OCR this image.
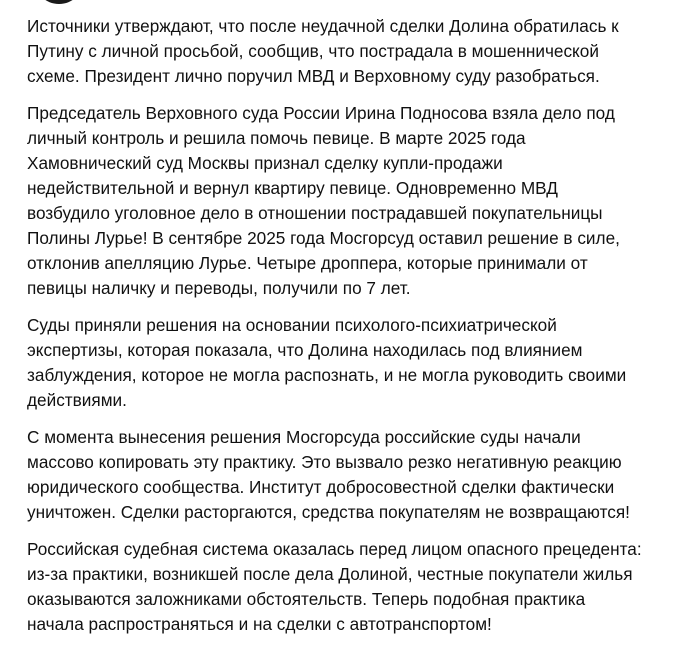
Источники утверждают, что после неудачной сделки Долина обратилась к
Путину с личной просьбой, сообщив, что пострадала в мошеннической
схеме. Президент лично поручил МВД и Верховному суду разобраться.

Председатель Верховного суда России Ирина Подносова взяла дело под
личный контроль и решила помочь певице. В марте 2025 года
Хамовнический суд Москвы признал сделку купли-продажи
недействительной и вернул квартиру певице. Одновременно МВД
возбудило уголовное дело в отношении пострадавшей покупательницы
Полины Лурье! В сентябре 2025 года Мосгорсуд оставил решение в силе,
отклонив апелляцию Лурье. Четыре дроппера, которые принимали от
певицы наличку и переводы, получили по 7 лет.

Суды приняли решения на основании психолого-психиатрической
экспертизы, которая показала, что Долина находилась под влиянием
заблуждения, которое не могла распознать, и не могла руководить своими
действиями.

С момента вынесения решения Мосгорсуда российские суды начали
массово копировать эту практику. Это вызвало резко негативную реакцию
юридического сообщества. Институт добросовестной сделки фактически
уничтожен. Сделки расторгаются, средства покупателям не возвращаются!

Российская судебная система оказалась перед лицом опасного прецедента:
из-за практики, возникшей после дела Долиной, честные покупатели жилья
оказываются заложниками обстоятельств. Теперь подобная практика
начала распространяться и на сделки с автотранспортом!
